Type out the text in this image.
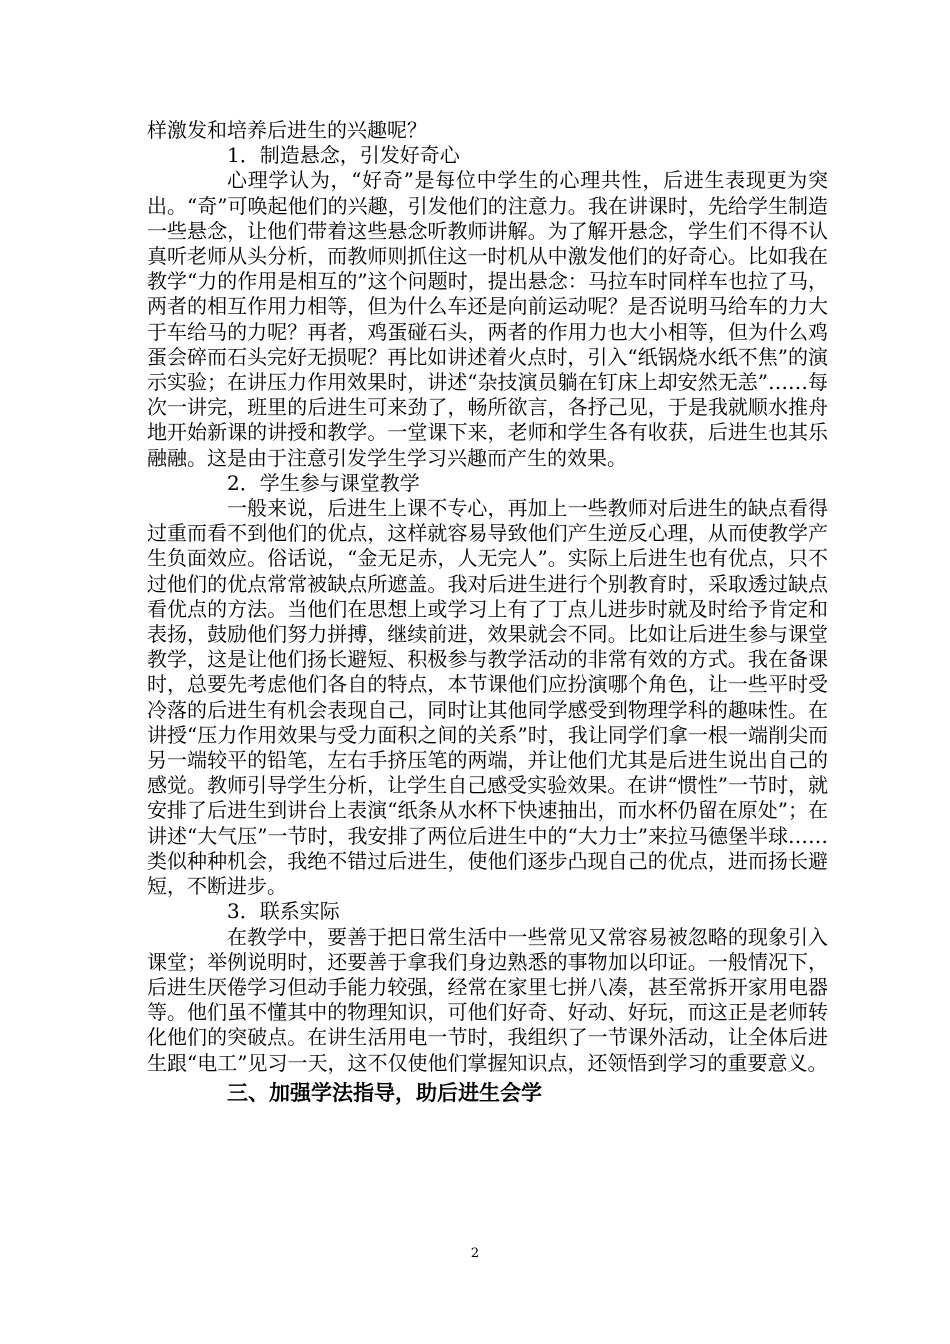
样激发和培养后进生的兴趣呢？

1．制造悬念，引发好奇心

心理学认为，“好奇”是每位中学生的心理共性，后进生表现更为突出。“奇”可唤起他们的兴趣，引发他们的注意力。我在讲课时，先给学生制造一些悬念，让他们带着这些悬念听教师讲解。为了解开悬念，学生们不得不认真听老师从头分析，而教师则抓住这一时机从中激发他们的好奇心。比如我在教学“力的作用是相互的”这个问题时，提出悬念：马拉车时同样车也拉了马，两者的相互作用力相等，但为什么车还是向前运动呢？是否说明马给车的力大于车给马的力呢？再者，鸡蛋碰石头，两者的作用力也大小相等，但为什么鸡蛋会碎而石头完好无损呢？再比如讲述着火点时，引入“纸锅烧水纸不焦”的演示实验；在讲压力作用效果时，讲述“杂技演员躺在钉床上却安然无恙”……每次一讲完，班里的后进生可来劲了，畅所欲言，各抒己见，于是我就顺水推舟地开始新课的讲授和教学。一堂课下来，老师和学生各有收获，后进生也其乐融融。这是由于注意引发学生学习兴趣而产生的效果。

2．学生参与课堂教学

一般来说，后进生上课不专心，再加上一些教师对后进生的缺点看得过重而看不到他们的优点，这样就容易导致他们产生逆反心理，从而使教学产生负面效应。俗话说，“金无足赤，人无完人”。实际上后进生也有优点，只不过他们的优点常常被缺点所遮盖。我对后进生进行个别教育时，采取透过缺点看优点的方法。当他们在思想上或学习上有了丁点儿进步时就及时给予肯定和表扬，鼓励他们努力拼搏，继续前进，效果就会不同。比如让后进生参与课堂教学，这是让他们扬长避短、积极参与教学活动的非常有效的方式。我在备课时，总要先考虑他们各自的特点，本节课他们应扮演哪个角色，让一些平时受冷落的后进生有机会表现自己，同时让其他同学感受到物理学科的趣味性。在讲授“压力作用效果与受力面积之间的关系”时，我让同学们拿一根一端削尖而另一端较平的铅笔，左右手挤压笔的两端，并让他们尤其是后进生说出自己的感觉。教师引导学生分析，让学生自己感受实验效果。在讲“惯性”一节时，就安排了后进生到讲台上表演“纸条从水杯下快速抽出，而水杯仍留在原处”；在讲述“大气压”一节时，我安排了两位后进生中的“大力士”来拉马德堡半球……类似种种机会，我绝不错过后进生，使他们逐步凸现自己的优点，进而扬长避短，不断进步。

3．联系实际

在教学中，要善于把日常生活中一些常见又常容易被忽略的现象引入课堂；举例说明时，还要善于拿我们身边熟悉的事物加以印证。一般情况下，后进生厌倦学习但动手能力较强，经常在家里七拼八凑，甚至常拆开家用电器等。他们虽不懂其中的物理知识，可他们好奇、好动、好玩，而这正是老师转化他们的突破点。在讲生活用电一节时，我组织了一节课外活动，让全体后进生跟“电工”见习一天，这不仅使他们掌握知识点，还领悟到学习的重要意义。

三、加强学法指导，助后进生会学

2
